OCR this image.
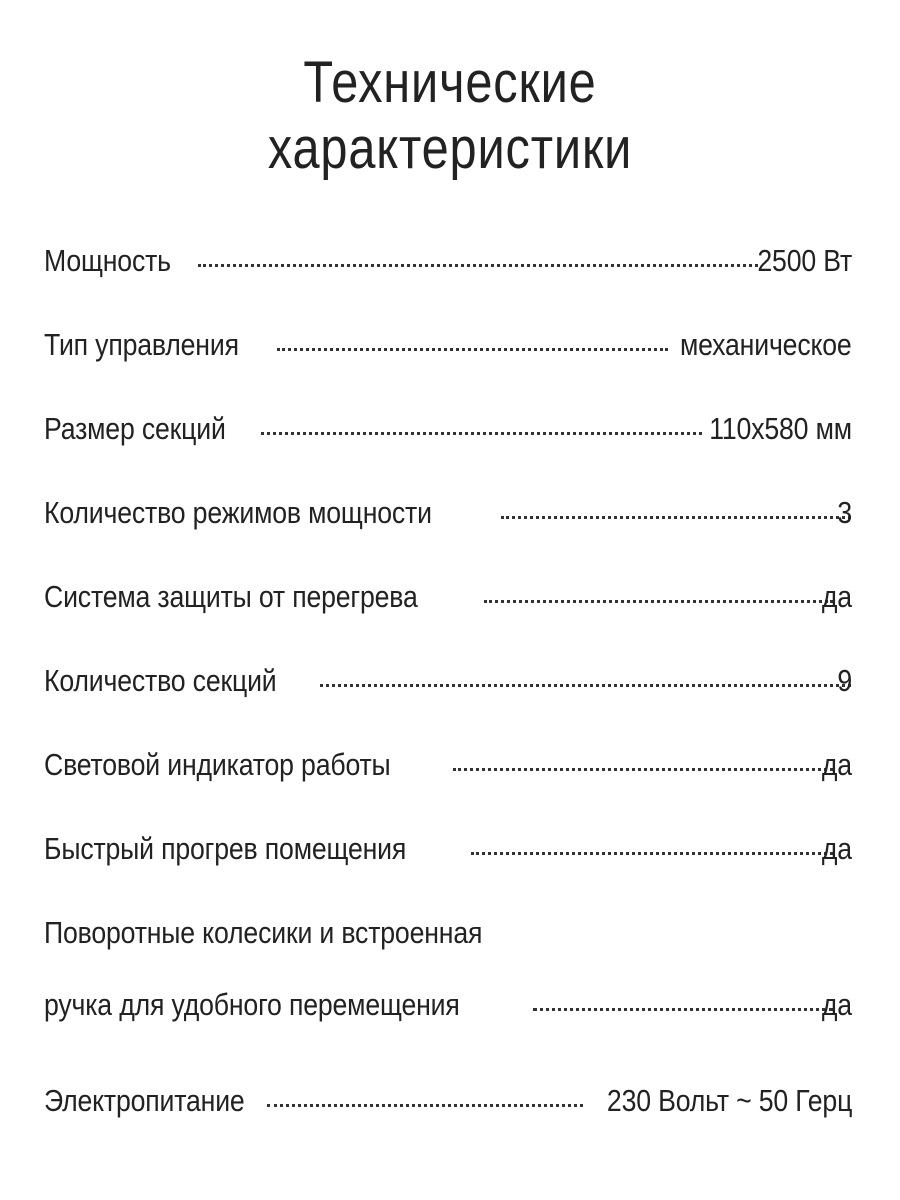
Технические
характеристики
Мощность	2500 Вт
Тип управления	механическое
Размер секций	110x580 мм
Количество режимов мощности	3
Система защиты от перегрева	да
Количество секций	9
Световой индикатор работы	да
Быстрый прогрев помещения	да
Поворотные колесики и встроенная
ручка для удобного перемещения	да
Электропитание	230 Вольт ~ 50 Герц
